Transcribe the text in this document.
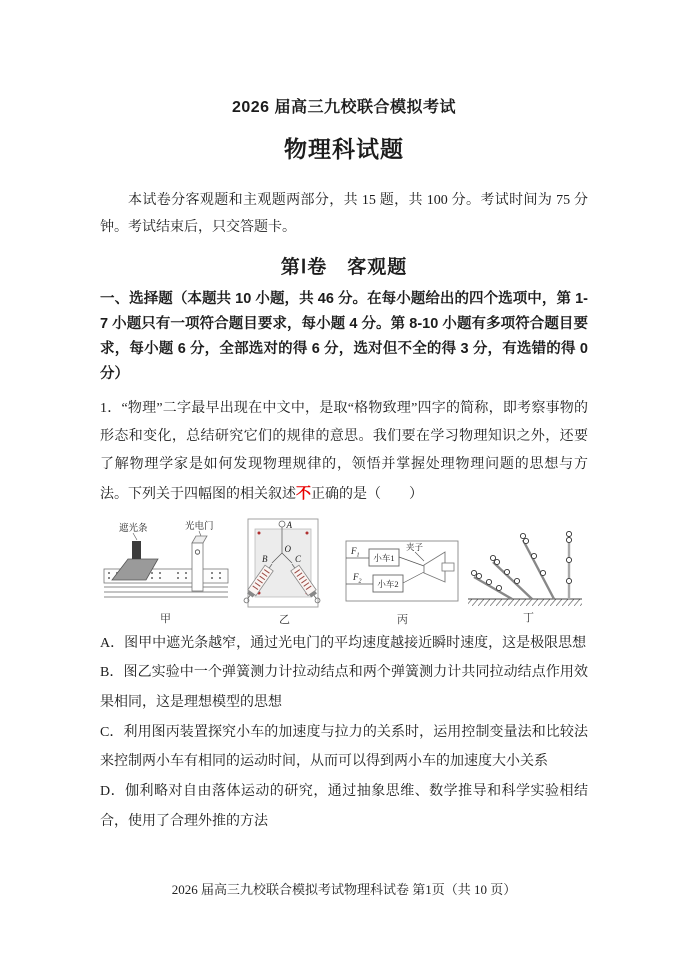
2026 届高三九校联合模拟考试
物理科试题

本试卷分客观题和主观题两部分，共 15 题，共 100 分。考试时间为 75 分钟。考试结束后，只交答题卡。

第Ⅰ卷　客观题

一、选择题（本题共 10 小题，共 46 分。在每小题给出的四个选项中，第 1-7 小题只有一项符合题目要求，每小题 4 分。第 8-10 小题有多项符合题目要求，每小题 6 分，全部选对的得 6 分，选对但不全的得 3 分，有选错的得 0 分）

1．“物理”二字最早出现在中文中，是取“格物致理”四字的简称，即考察事物的形态和变化，总结研究它们的规律的意思。我们要在学习物理知识之外，还要了解物理学家是如何发现物理规律的，领悟并掌握处理物理问题的思想与方法。下列关于四幅图的相关叙述不正确的是（　　）

遮光条	光电门
甲
A
O
B	C
乙
$F_1$ 小车1
$F_2$ 小车2
夹子
丙	丁

A．图甲中遮光条越窄，通过光电门的平均速度越接近瞬时速度，这是极限思想

B．图乙实验中一个弹簧测力计拉动结点和两个弹簧测力计共同拉动结点作用效果相同，这是理想模型的思想

C．利用图丙装置探究小车的加速度与拉力的关系时，运用控制变量法和比较法来控制两小车有相同的运动时间，从而可以得到两小车的加速度大小关系

D．伽利略对自由落体运动的研究，通过抽象思维、数学推导和科学实验相结合，使用了合理外推的方法

2026 届高三九校联合模拟考试物理科试卷 第1页（共 10 页）
